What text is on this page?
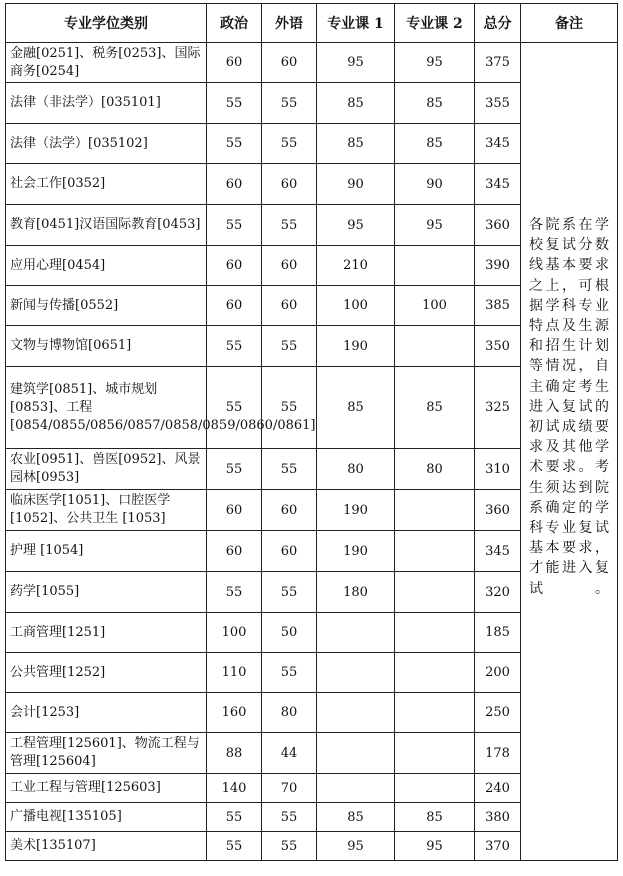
专业学位类别	政治	外语	专业课 1	专业课 2	总分	备注
金融[0251]、税务[0253]、国际商务[0254]	60	60	95	95	375	各院系在学校复试分数线基本要求之上，可根据学科专业特点及生源和招生计划等情况，自主确定考生进入复试的初试成绩要求及其他学术要求。考生须达到院系确定的学科专业复试基本要求，才能进入复试。

法律（非法学）[035101]	55	55	85	85	355	
法律（法学）[035102]	55	55	85	85	345	
社会工作[0352]	60	60	90	90	345	
教育[0451]汉语国际教育[0453]	55	55	95	95	360	
应用心理[0454]	60	60	210		390	
新闻与传播[0552]	60	60	100	100	385	
文物与博物馆[0651]	55	55	190		350	
建筑学[0851]、城市规划[0853]、工程[0854/0855/0856/0857/0858/0859/0860/0861]	55	55	85	85	325	
农业[0951]、兽医[0952]、风景园林[0953]	55	55	80	80	310	
临床医学[1051]、口腔医学[1052]、公共卫生 [1053]	60	60	190		360	
护理 [1054]	60	60	190		345	
药学[1055]	55	55	180		320	
工商管理[1251]	100	50			185	
公共管理[1252]	110	55			200	
会计[1253]	160	80			250	
工程管理[125601]、物流工程与管理[125604]	88	44			178	
工业工程与管理[125603]	140	70			240	
广播电视[135105]	55	55	85	85	380	
美术[135107]	55	55	95	95	370	
